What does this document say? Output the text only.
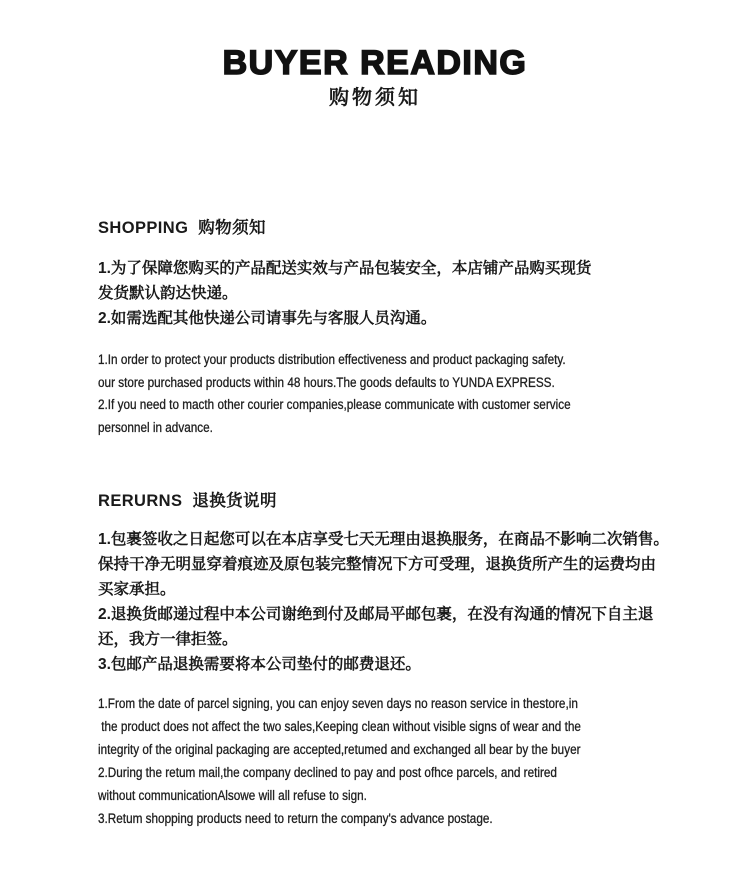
BUYER READING
购物须知
SHOPPING  购物须知
1.为了保障您购买的产品配送实效与产品包装安全，本店铺产品购买现货
发货默认韵达快递。
2.如需选配其他快递公司请事先与客服人员沟通。
1.In order to protect your products distribution effectiveness and product packaging safety.
our store purchased products within 48 hours.The goods defaults to YUNDA EXPRESS.
2.If you need to macth other courier companies,please communicate with customer service
personnel in advance.
RERURNS  退换货说明
1.包裹签收之日起您可以在本店享受七天无理由退换服务，在商品不影响二次销售。
保持干净无明显穿着痕迹及原包装完整情况下方可受理，退换货所产生的运费均由
买家承担。
2.退换货邮递过程中本公司谢绝到付及邮局平邮包裹，在没有沟通的情况下自主退
还，我方一律拒签。
3.包邮产品退换需要将本公司垫付的邮费退还。
1.From the date of parcel signing, you can enjoy seven days no reason service in thestore,in
the product does not affect the two sales,Keeping clean without visible signs of wear and the
integrity of the original packaging are accepted,retumed and exchanged all bear by the buyer
2.During the retum mail,the company declined to pay and post ofhce parcels, and retired
without communicationAlsowe will all refuse to sign.
3.Retum shopping products need to return the company's advance postage.
